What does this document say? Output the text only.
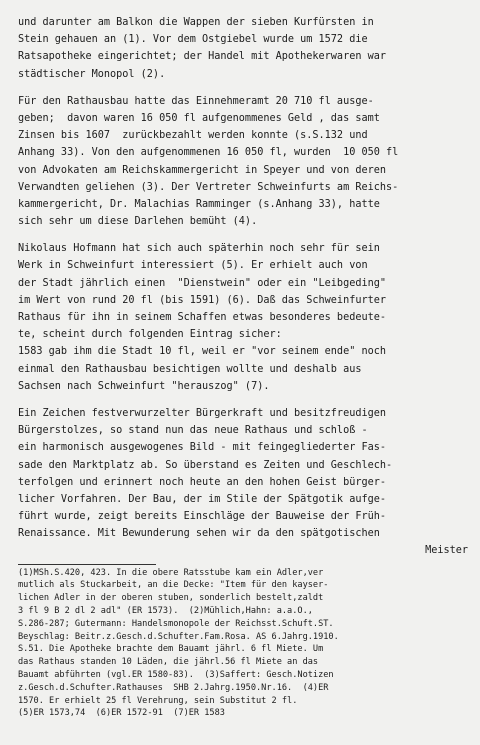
und darunter am Balkon die Wappen der sieben Kurfürsten in
Stein gehauen an (1). Vor dem Ostgiebel wurde um 1572 die
Ratsapotheke eingerichtet; der Handel mit Apothekerwaren war
städtischer Monopol (2).
Für den Rathausbau hatte das Einnehmeramt 20 710 fl ausge-
geben;  davon waren 16 050 fl aufgenommenes Geld , das samt
Zinsen bis 1607  zurückbezahlt werden konnte (s.S.132 und
Anhang 33). Von den aufgenommenen 16 050 fl, wurden  10 050 fl
von Advokaten am Reichskammergericht in Speyer und von deren
Verwandten geliehen (3). Der Vertreter Schweinfurts am Reichs-
kammergericht, Dr. Malachias Ramminger (s.Anhang 33), hatte
sich sehr um diese Darlehen bemüht (4).
Nikolaus Hofmann hat sich auch späterhin noch sehr für sein
Werk in Schweinfurt interessiert (5). Er erhielt auch von
der Stadt jährlich einen  "Dienstwein" oder ein "Leibgeding"
im Wert von rund 20 fl (bis 1591) (6). Daß das Schweinfurter
Rathaus für ihn in seinem Schaffen etwas besonderes bedeute-
te, scheint durch folgenden Eintrag sicher:
1583 gab ihm die Stadt 10 fl, weil er "vor seinem ende" noch
einmal den Rathausbau besichtigen wollte und deshalb aus
Sachsen nach Schweinfurt "herauszog" (7).
Ein Zeichen festverwurzelter Bürgerkraft und besitzfreudigen
Bürgerstolzes, so stand nun das neue Rathaus und schloß -
ein harmonisch ausgewogenes Bild - mit feingegliederter Fas-
sade den Marktplatz ab. So überstand es Zeiten und Geschlech-
terfolgen und erinnert noch heute an den hohen Geist bürger-
licher Vorfahren. Der Bau, der im Stile der Spätgotik aufge-
führt wurde, zeigt bereits Einschläge der Bauweise der Früh-
Renaissance. Mit Bewunderung sehen wir da den spätgotischen
Meister
(1)MSh.S.420, 423. In die obere Ratsstube kam ein Adler,ver
mutlich als Stuckarbeit, an die Decke: "Item für den kayser-
lichen Adler in der oberen stuben, sonderlich bestelt,zaldt
3 fl 9 B 2 dl 2 adl" (ER 1573).  (2)Mühlich,Hahn: a.a.O.,
S.286-287; Gutermann: Handelsmonopole der Reichsst.Schuft.ST.
Beyschlag: Beitr.z.Gesch.d.Schufter.Fam.Rosa. AS 6.Jahrg.1910.
S.51. Die Apotheke brachte dem Bauamt jährl. 6 fl Miete. Um
das Rathaus standen 10 Läden, die jährl.56 fl Miete an das
Bauamt abführten (vgl.ER 1580-83).  (3)Saffert: Gesch.Notizen
z.Gesch.d.Schufter.Rathauses  SHB 2.Jahrg.1950.Nr.16.  (4)ER
1570. Er erhielt 25 fl Verehrung, sein Substitut 2 fl.
(5)ER 1573,74  (6)ER 1572-91  (7)ER 1583
